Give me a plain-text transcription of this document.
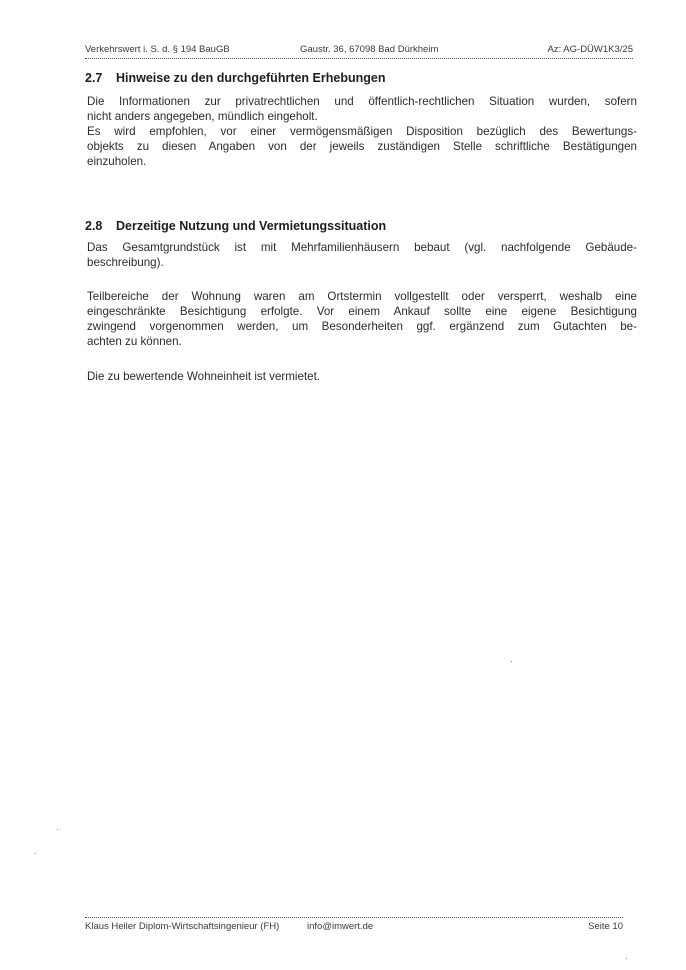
Verkehrswert i. S. d. § 194 BauGB	Gaustr. 36, 67098 Bad Dürkheim	Az: AG-DÜW1K3/25
2.7 Hinweise zu den durchgeführten Erhebungen
Die Informationen zur privatrechtlichen und öffentlich-rechtlichen Situation wurden, sofern
nicht anders angegeben, mündlich eingeholt.
Es wird empfohlen, vor einer vermögensmäßigen Disposition bezüglich des Bewertungs-
objekts zu diesen Angaben von der jeweils zuständigen Stelle schriftliche Bestätigungen
einzuholen.
2.8 Derzeitige Nutzung und Vermietungssituation
Das Gesamtgrundstück ist mit Mehrfamilienhäusern bebaut (vgl. nachfolgende Gebäude-
beschreibung).
Teilbereiche der Wohnung waren am Ortstermin vollgestellt oder versperrt, weshalb eine
eingeschränkte Besichtigung erfolgte. Vor einem Ankauf sollte eine eigene Besichtigung
zwingend vorgenommen werden, um Besonderheiten ggf. ergänzend zum Gutachten be-
achten zu können.
Die zu bewertende Wohneinheit ist vermietet.
Klaus Heiler Diplom-Wirtschaftsingenieur (FH)	info@imwert.de	Seite 10
